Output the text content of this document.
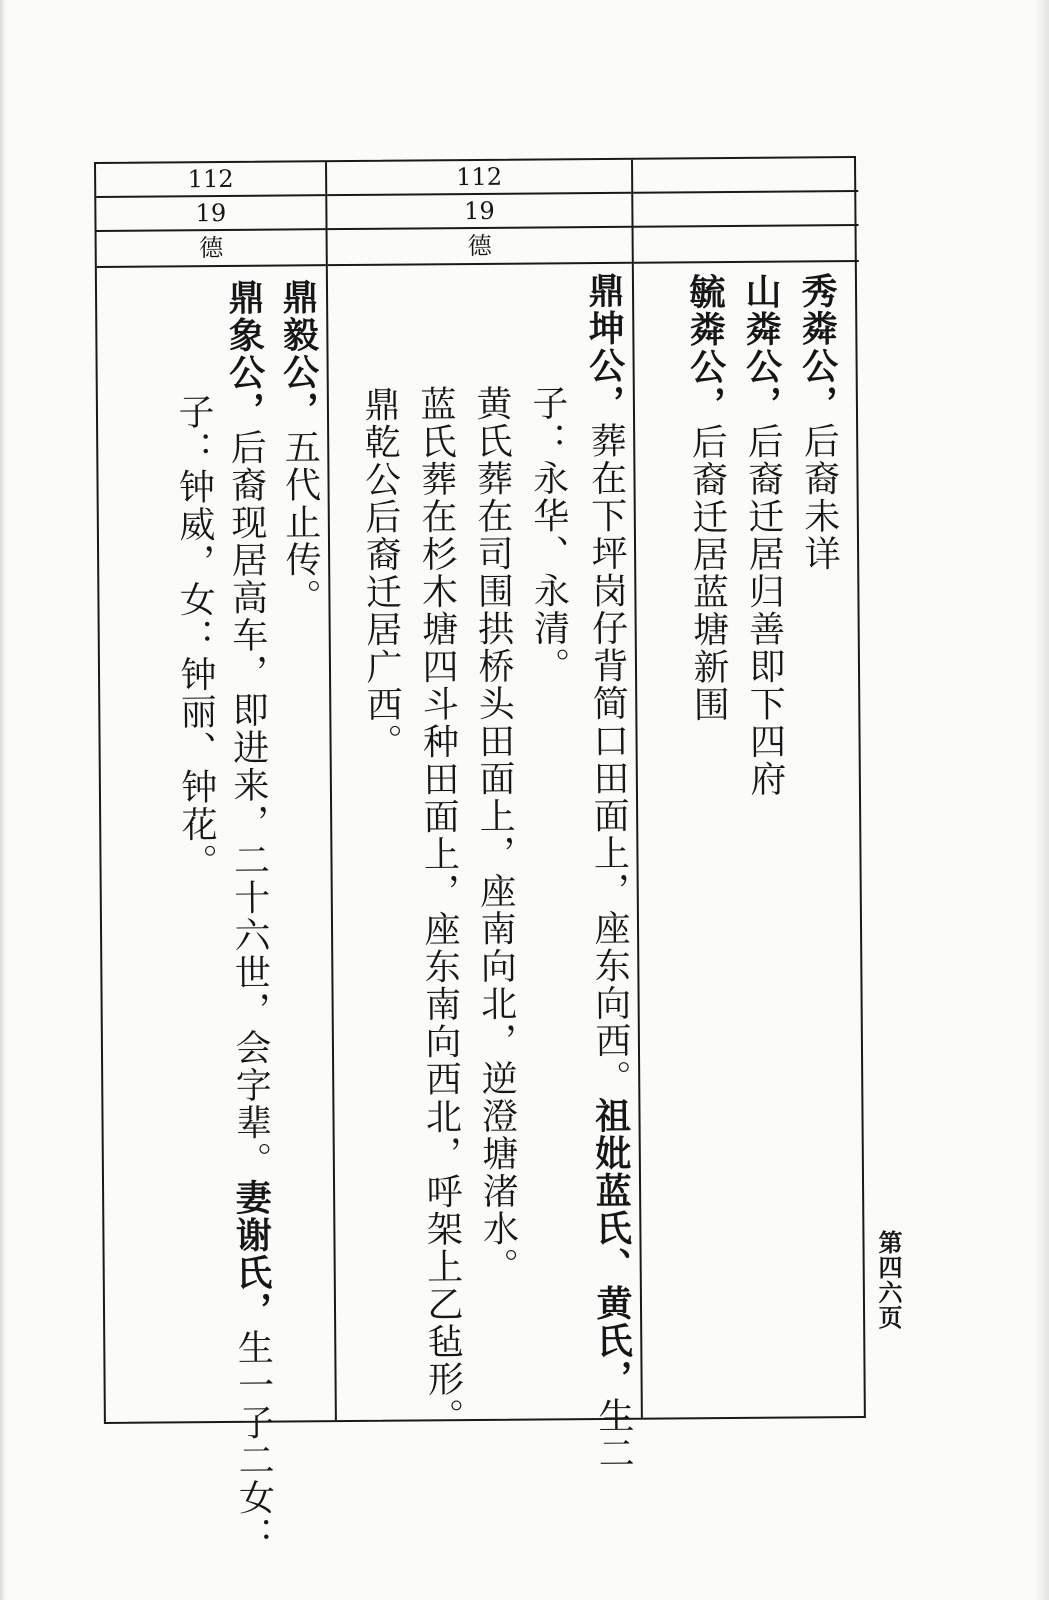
112
19
德
鼎毅公，五代止传。
鼎象公，后裔现居高车，即进来，二十六世，会字辈。妻谢氏，生一子二女：
子：钟威，女：钟丽、钟花。
112
19
德
鼎坤公，葬在下坪岗仔背简口田面上，座东向西。祖妣蓝氏、黄氏，生二
子：永华、永清。
黄氏葬在司围拱桥头田面上，座南向北，逆澄塘渚水。
蓝氏葬在杉木塘四斗种田面上，座东南向西北，呼架上乙毡形。
鼎乾公后裔迁居广西。
秀粦公，后裔未详
山粦公，后裔迁居归善即下四府
毓粦公，后裔迁居蓝塘新围
第四六页
